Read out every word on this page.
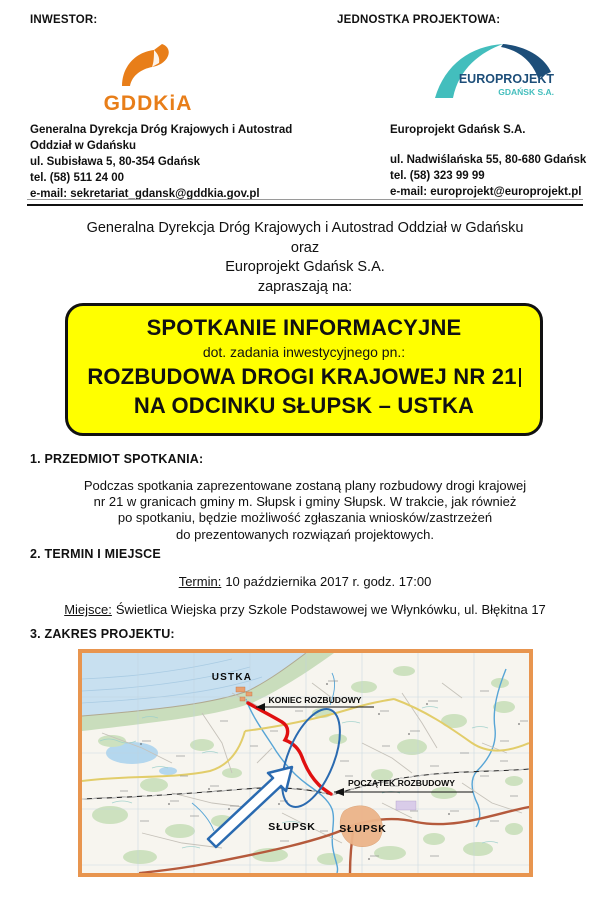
INWESTOR:	JEDNOSTKA PROJEKTOWA:
GDDKiA
EUROPROJEKT
GDAŃSK S.A.
Generalna Dyrekcja Dróg Krajowych i Autostrad
Oddział w Gdańsku
ul. Subisława 5, 80-354 Gdańsk
tel. (58) 511 24 00
e-mail: sekretariat_gdansk@gddkia.gov.pl
Europrojekt Gdańsk S.A.
ul. Nadwiślańska 55, 80-680 Gdańsk
tel. (58) 323 99 99
e-mail: europrojekt@europrojekt.pl
Generalna Dyrekcja Dróg Krajowych i Autostrad Oddział w Gdańsku
oraz
Europrojekt Gdańsk S.A.
zapraszają na:
SPOTKANIE INFORMACYJNE
dot. zadania inwestycyjnego pn.:
ROZBUDOWA DROGI KRAJOWEJ NR 21
NA ODCINKU SŁUPSK – USTKA
1. PRZEDMIOT SPOTKANIA:
Podczas spotkania zaprezentowane zostaną plany rozbudowy drogi krajowej
nr 21 w granicach gminy m. Słupsk i gminy Słupsk. W trakcie, jak również
po spotkaniu, będzie możliwość zgłaszania wniosków/zastrzeżeń
do prezentowanych rozwiązań projektowych.
2. TERMIN I MIEJSCE
Termin: 10 października 2017 r. godz. 17:00
Miejsce: Świetlica Wiejska przy Szkole Podstawowej we Włynkówku, ul. Błękitna 17
3. ZAKRES PROJEKTU:
USTKA
KONIEC ROZBUDOWY
POCZĄTEK ROZBUDOWY
SŁUPSK SŁUPSK
